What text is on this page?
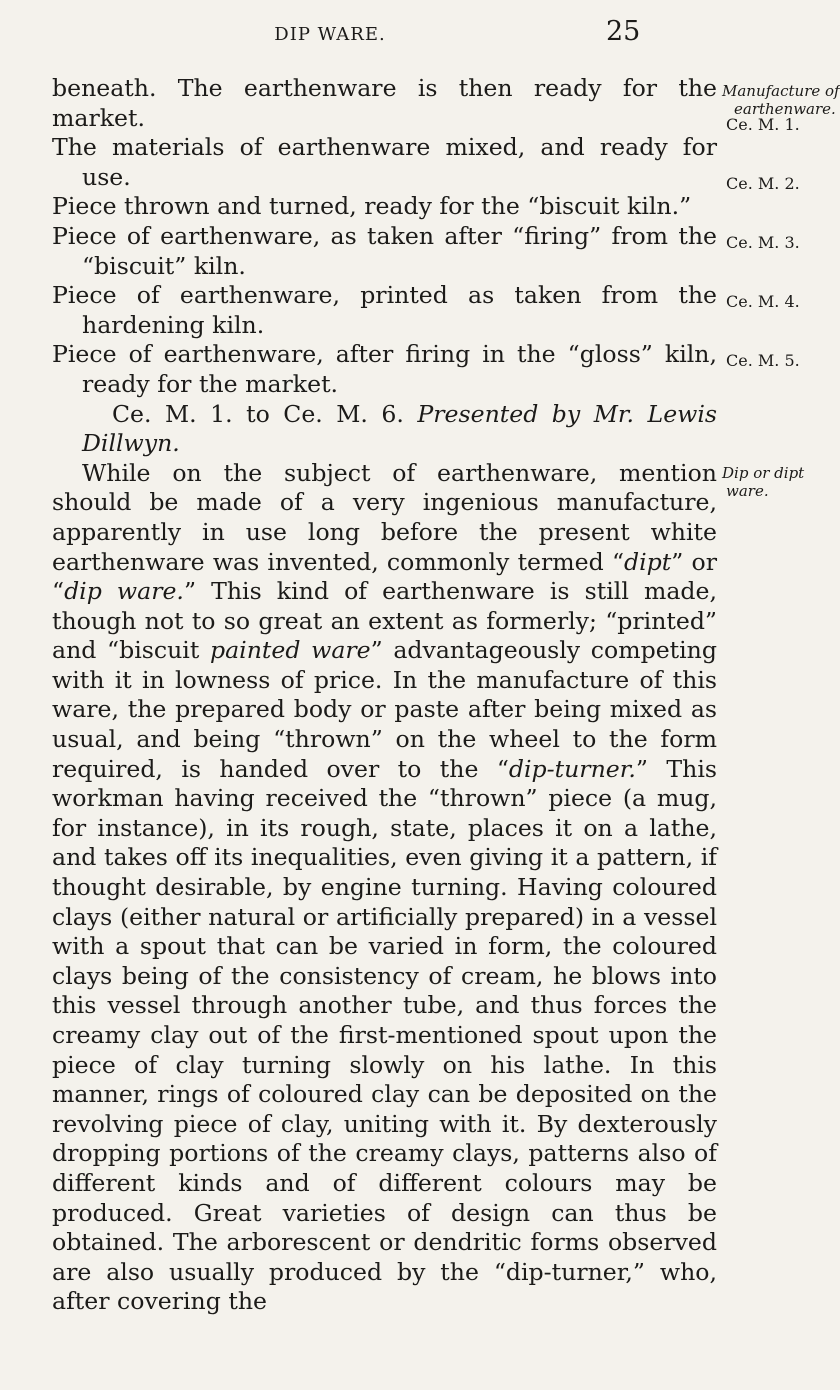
DIP WARE.	25

beneath. The earthenware is then ready for the market.

The materials of earthenware mixed, and ready for use.

Piece thrown and turned, ready for the “biscuit kiln.”

Piece of earthenware, as taken after “firing” from the “biscuit” kiln.

Piece of earthenware, printed as taken from the hardening kiln.

Piece of earthenware, after firing in the “gloss” kiln, ready for the market.

Ce. M. 1. to Ce. M. 6. Presented by Mr. Lewis Dillwyn.

While on the subject of earthenware, mention should be made of a very ingenious manufacture, apparently in use long before the present white earthenware was invented, commonly termed “dipt” or “dip ware.” This kind of earthenware is still made, though not to so great an extent as formerly; “printed” and “biscuit painted ware” advantageously competing with it in lowness of price. In the manufacture of this ware, the prepared body or paste after being mixed as usual, and being “thrown” on the wheel to the form required, is handed over to the “dip-turner.” This workman having received the “thrown” piece (a mug, for instance), in its rough, state, places it on a lathe, and takes off its inequalities, even giving it a pattern, if thought desirable, by engine turning. Having coloured clays (either natural or artificially prepared) in a vessel with a spout that can be varied in form, the coloured clays being of the consistency of cream, he blows into this vessel through another tube, and thus forces the creamy clay out of the first-mentioned spout upon the piece of clay turning slowly on his lathe. In this manner, rings of coloured clay can be deposited on the revolving piece of clay, uniting with it. By dexterously dropping portions of the creamy clays, patterns also of different kinds and of different colours may be produced. Great varieties of design can thus be obtained. The arborescent or dendritic forms observed are also usually produced by the “dip-turner,” who, after covering the

Manufacture of
earthenware.
Ce. M. 1.
Ce. M. 2.
Ce. M. 3.
Ce. M. 4.
Ce. M. 5.
Dip or dipt
ware.
